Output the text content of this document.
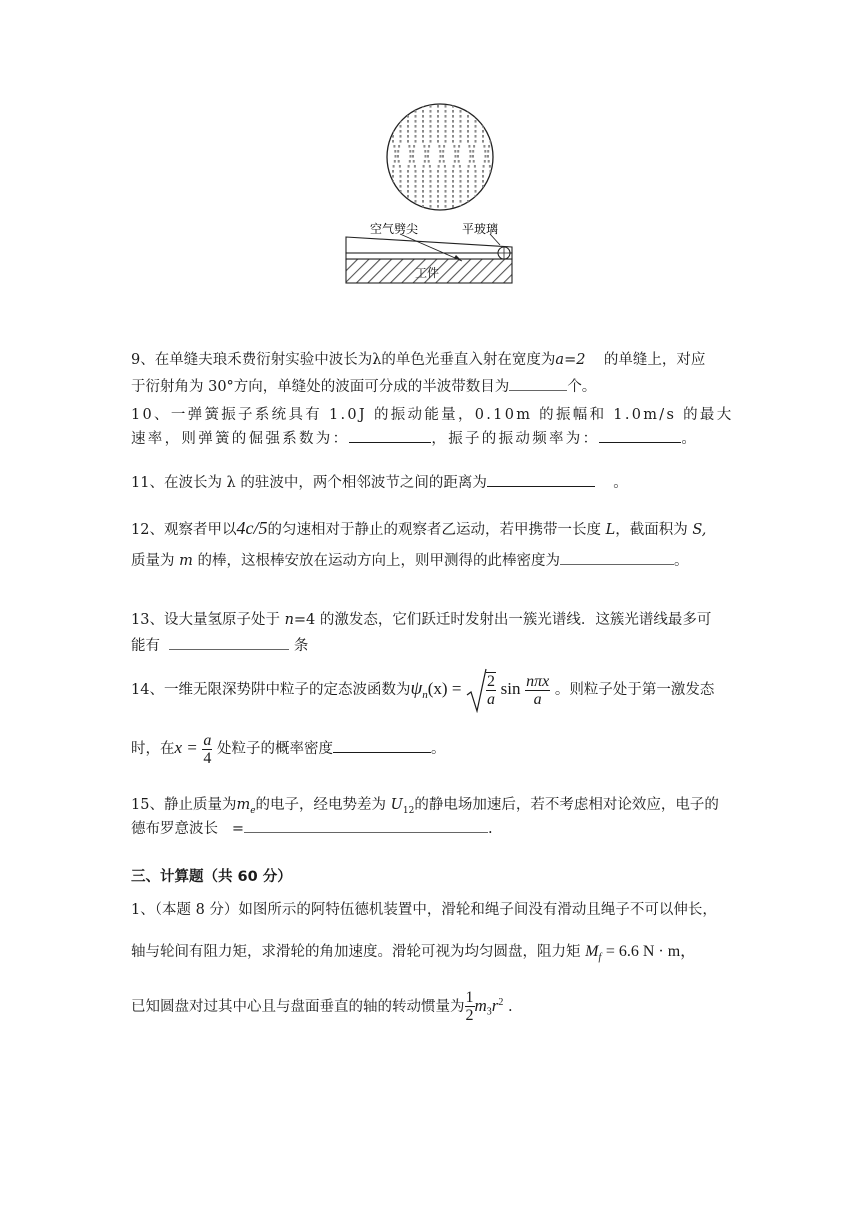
空气劈尖	平玻璃
工件
9、在单缝夫琅禾费衍射实验中波长为λ的单色光垂直入射在宽度为a=2 的单缝上，对应
于衍射角为 30°方向，单缝处的波面可分成的半波带数目为	个。
10、一弹簧振子系统具有 1.0J 的振动能量，0.10m 的振幅和 1.0m/s 的最大
速率，则弹簧的倔强系数为：	，振子的振动频率为：	。
11、在波长为 λ 的驻波中，两个相邻波节之间的距离为	。
12、观察者甲以4c/5的匀速相对于静止的观察者乙运动，若甲携带一长度 L，截面积为 S,
质量为 m 的棒，这根棒安放在运动方向上，则甲测得的此棒密度为	。
13、设大量氢原子处于 n=4 的激发态，它们跃迁时发射出一簇光谱线．这簇光谱线最多可
能有	条
14、一维无限深势阱中粒子的定态波函数为$\psi_n(x) = \frac{2}{a}$ $\sin \frac{\text{nπx}}{a}$ 。则粒子处于第一激发态
时，在$x = \frac{a}{4}$ 处粒子的概率密度	。
15、静止质量为$m_e$的电子，经电势差为 $U_{12}$的静电场加速后，若不考虑相对论效应，电子的
德布罗意波长 =	.
三、计算题（共 60 分）
1、（本题 8 分）如图所示的阿特伍德机装置中，滑轮和绳子间没有滑动且绳子不可以伸长，
轴与轮间有阻力矩，求滑轮的角加速度。滑轮可视为均匀圆盘，阻力矩 $M_f = 6.6$ N · m，
已知圆盘对过其中心且与盘面垂直的轴的转动惯量为 $\frac{1}{2} m_3r^2$ .
